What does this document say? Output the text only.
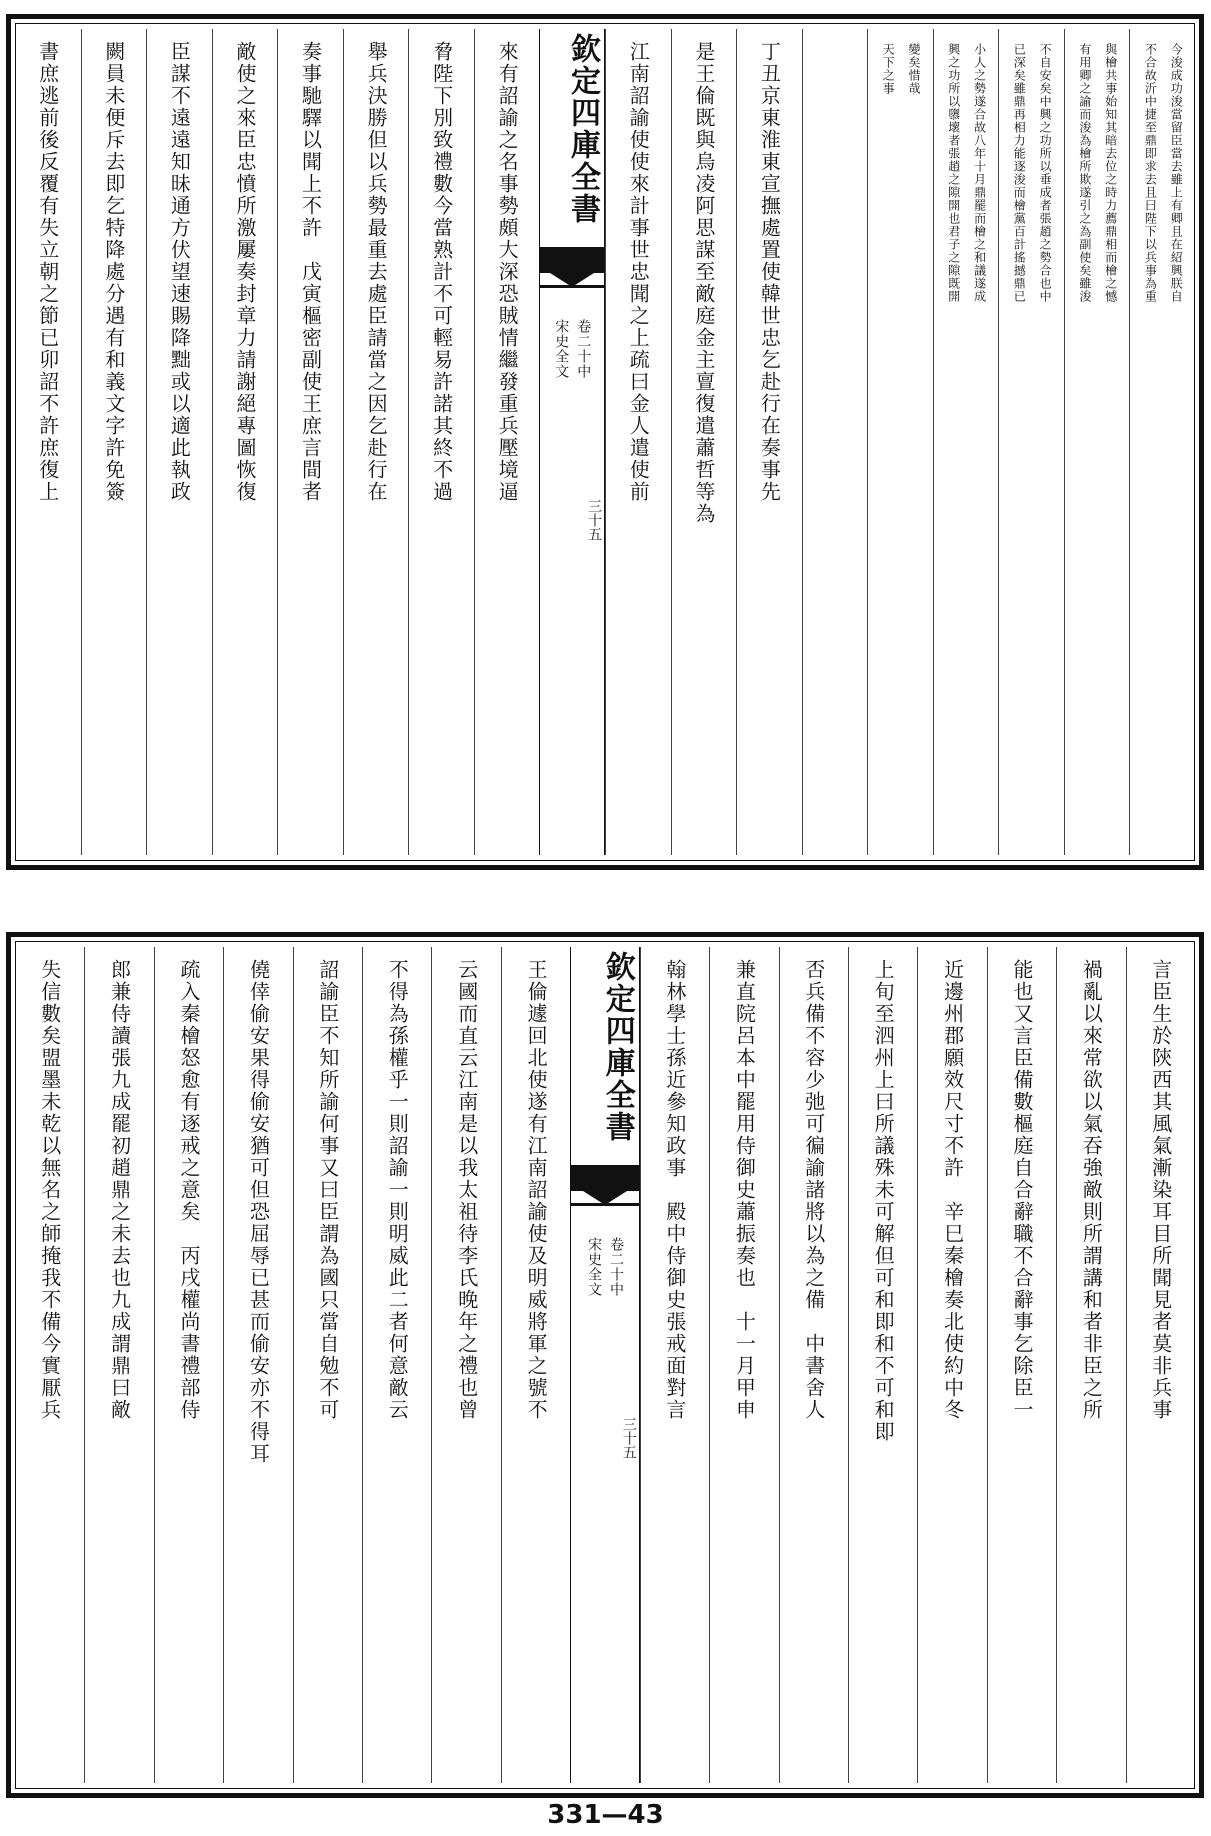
不合故沂中捷至鼎即求去且曰陛下以兵事為重 今浚成功浚當留臣當去雖上有卿且在紹興朕自
有用卿之諭而浚為檜所欺遂引之為副使矣雖浚 與檜共事始知其暗去位之時力薦鼎相而檜之憾
已深矣雖鼎再相力能逐浚而檜黨百計搖撼鼎已 不自安矣中興之功所以垂成者張趙之勢合也中
興之功所以隳壞者張趙之隙開也君子之隙既開 小人之勢遂合故八年十月鼎罷而檜之和議遂成
天下之事 變矣惜哉
丁丑京東淮東宣撫處置使韓世忠乞赴行在奏事先
是王倫既與烏凌阿思謀至敵庭金主亶復遣蕭哲等為
江南詔諭使使來計事世忠聞之上疏曰金人遣使前
欽定四庫全書
宋史全文 卷二十中
三十五
來有詔諭之名事勢頗大深恐賊情繼發重兵壓境逼
脅陛下別致禮數今當熟計不可輕易許諾其終不過
舉兵決勝但以兵勢最重去處臣請當之因乞赴行在
奏事馳驛以聞上不許　戊寅樞密副使王庶言間者
敵使之來臣忠憤所激屢奏封章力請謝絕專圖恢復
臣謀不遠遠知昧通方伏望速賜降黜或以適此執政
闕員未便斥去即乞特降處分遇有和義文字許免簽
書庶逃前後反覆有失立朝之節已卯詔不許庶復上
言臣生於陝西其風氣漸染耳目所聞見者莫非兵事
禍亂以來常欲以氣吞強敵則所謂講和者非臣之所
能也又言臣備數樞庭自合辭職不合辭事乞除臣一
近邊州郡願效尺寸不許　辛巳秦檜奏北使約中冬
上旬至泗州上曰所議殊未可解但可和即和不可和即
否兵備不容少弛可徧諭諸將以為之備　中書舍人
兼直院呂本中罷用侍御史蕭振奏也　十一月甲申
翰林學士孫近參知政事　殿中侍御史張戒面對言
欽定四庫全書
宋史全文 卷二十中
三十五
王倫遽回北使遂有江南詔諭使及明威將軍之號不
云國而直云江南是以我太祖待李氏晚年之禮也曾
不得為孫權乎一則詔諭一則明威此二者何意敵云
詔諭臣不知所諭何事又曰臣謂為國只當自勉不可
僥倖偷安果得偷安猶可但恐屈辱已甚而偷安亦不得耳
疏入秦檜怒愈有逐戒之意矣　丙戌權尚書禮部侍
郎兼侍讀張九成罷初趙鼎之未去也九成謂鼎曰敵
失信數矣盟墨未乾以無名之師掩我不備今實厭兵
331—43
